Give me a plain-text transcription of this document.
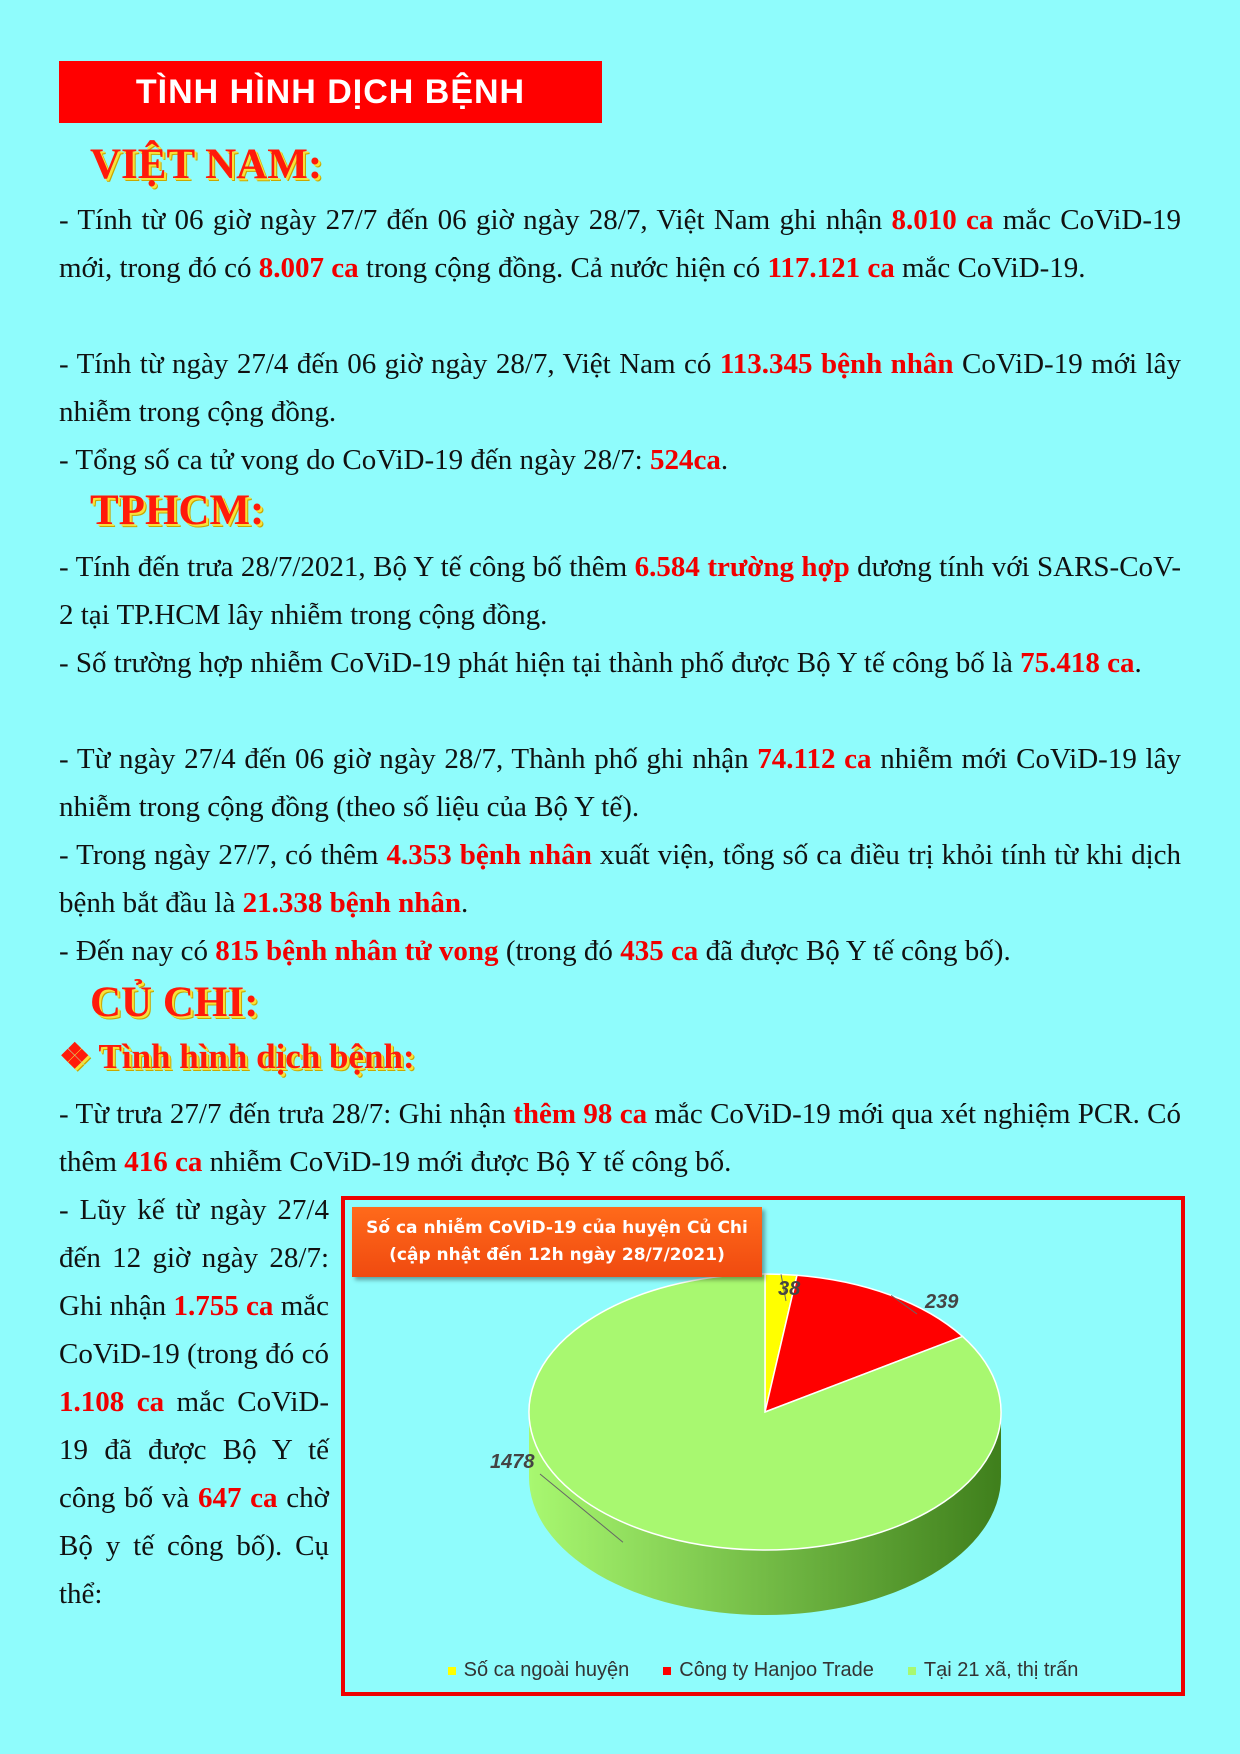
TÌNH HÌNH DỊCH BỆNH
VIỆT NAM:
- Tính từ 06 giờ ngày 27/7 đến 06 giờ ngày 28/7, Việt Nam ghi nhận 8.010 ca mắc CoViD-19 mới, trong đó có 8.007 ca trong cộng đồng. Cả nước hiện có 117.121 ca mắc CoViD-19.
- Tính từ ngày 27/4 đến 06 giờ ngày 28/7, Việt Nam có 113.345 bệnh nhân CoViD-19 mới lây nhiễm trong cộng đồng.
- Tổng số ca tử vong do CoViD-19 đến ngày 28/7: 524ca.
TPHCM:
- Tính đến trưa 28/7/2021, Bộ Y tế công bố thêm 6.584 trường hợp dương tính với SARS-CoV-2 tại TP.HCM lây nhiễm trong cộng đồng.
- Số trường hợp nhiễm CoViD-19 phát hiện tại thành phố được Bộ Y tế công bố là 75.418 ca.
- Từ ngày 27/4 đến 06 giờ ngày 28/7, Thành phố ghi nhận 74.112 ca nhiễm mới CoViD-19 lây nhiễm trong cộng đồng (theo số liệu của Bộ Y tế).
- Trong ngày 27/7, có thêm 4.353 bệnh nhân xuất viện, tổng số ca điều trị khỏi tính từ khi dịch bệnh bắt đầu là 21.338 bệnh nhân.
- Đến nay có 815 bệnh nhân tử vong (trong đó 435 ca đã được Bộ Y tế công bố).
CỦ CHI:
❖ Tình hình dịch bệnh:
- Từ trưa 27/7 đến trưa 28/7: Ghi nhận thêm 98 ca mắc CoViD-19 mới qua xét nghiệm PCR. Có thêm 416 ca nhiễm CoViD-19 mới được Bộ Y tế công bố.
- Lũy kế từ ngày 27/4 đến 12 giờ ngày 28/7: Ghi nhận 1.755 ca mắc CoViD-19 (trong đó có 1.108 ca mắc CoViD-19 đã được Bộ Y tế công bố và 647 ca chờ Bộ y tế công bố). Cụ thể:
38
239
1478
Số ca nhiễm CoViD-19 của huyện Củ Chi
(cập nhật đến 12h ngày 28/7/2021)
Số ca ngoài huyện	Công ty Hanjoo Trade	Tại 21 xã, thị trấn
